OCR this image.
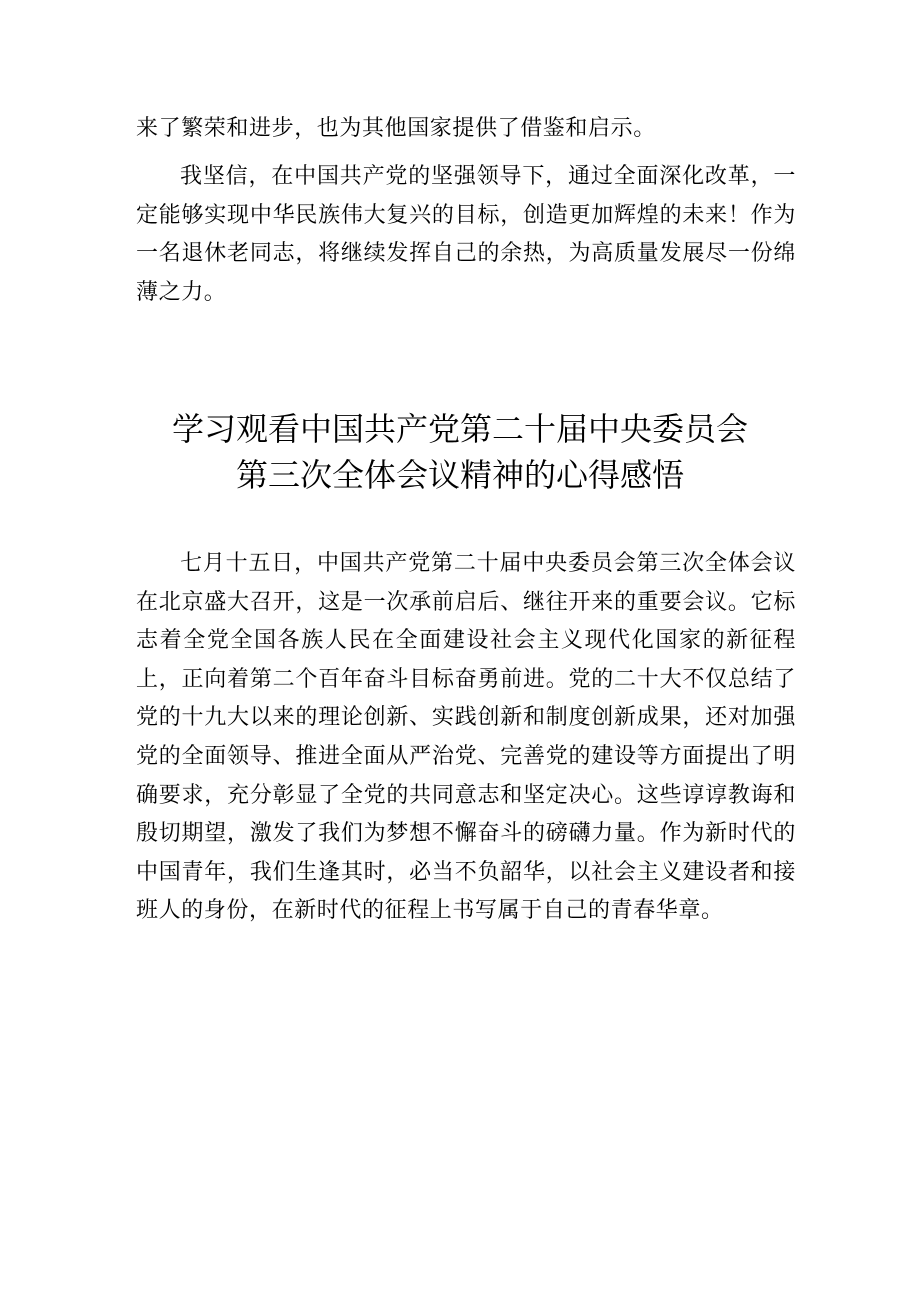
来了繁荣和进步，也为其他国家提供了借鉴和启示。

我坚信，在中国共产党的坚强领导下，通过全面深化改革，一定能够实现中华民族伟大复兴的目标，创造更加辉煌的未来！作为一名退休老同志，将继续发挥自己的余热，为高质量发展尽一份绵薄之力。

学习观看中国共产党第二十届中央委员会
第三次全体会议精神的心得感悟

七月十五日，中国共产党第二十届中央委员会第三次全体会议在北京盛大召开，这是一次承前启后、继往开来的重要会议。它标志着全党全国各族人民在全面建设社会主义现代化国家的新征程上，正向着第二个百年奋斗目标奋勇前进。党的二十大不仅总结了党的十九大以来的理论创新、实践创新和制度创新成果，还对加强党的全面领导、推进全面从严治党、完善党的建设等方面提出了明确要求，充分彰显了全党的共同意志和坚定决心。这些谆谆教诲和殷切期望，激发了我们为梦想不懈奋斗的磅礴力量。作为新时代的中国青年，我们生逢其时，必当不负韶华，以社会主义建设者和接班人的身份，在新时代的征程上书写属于自己的青春华章。
